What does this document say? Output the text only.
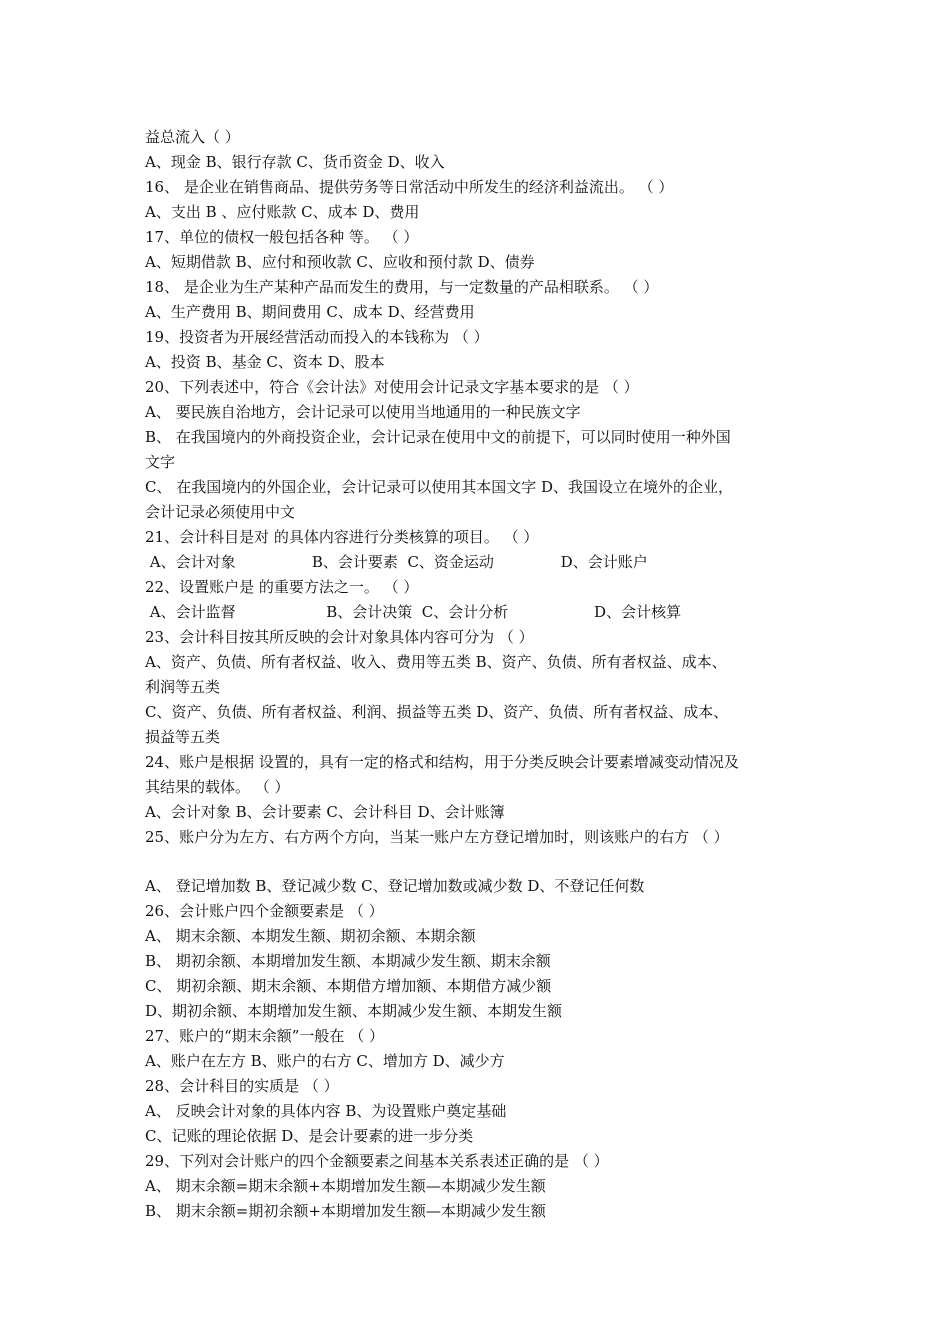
益总流入（ ）
A、现金 B、银行存款 C、货币资金 D、收入
16、 是企业在销售商品、提供劳务等日常活动中所发生的经济利益流出。 （ ）
A、支出 B 、应付账款 C、成本 D、费用
17、单位的债权一般包括各种 等。 （ ）
A、短期借款 B、应付和预收款 C、应收和预付款 D、债券
18、 是企业为生产某种产品而发生的费用，与一定数量的产品相联系。 （ ）
A、生产费用 B、期间费用 C、成本 D、经营费用
19、投资者为开展经营活动而投入的本钱称为 （ ）
A、投资 B、基金 C、资本 D、股本
20、下列表述中，符合《会计法》对使用会计记录文字基本要求的是 （ ）
A、 要民族自治地方，会计记录可以使用当地通用的一种民族文字
B、 在我国境内的外商投资企业，会计记录在使用中文的前提下，可以同时使用一种外国
文字
C、 在我国境内的外国企业，会计记录可以使用其本国文字 D、我国设立在境外的企业，
会计记录必须使用中文
21、会计科目是对 的具体内容进行分类核算的项目。 （ ）
A、会计对象                B、会计要素  C、资金运动              D、会计账户
22、设置账户是 的重要方法之一。 （ ）
A、会计监督                   B、会计决策  C、会计分析                  D、会计核算
23、会计科目按其所反映的会计对象具体内容可分为 （ ）
A、资产、负债、所有者权益、收入、费用等五类 B、资产、负债、所有者权益、成本、
利润等五类
C、资产、负债、所有者权益、利润、损益等五类 D、资产、负债、所有者权益、成本、
损益等五类
24、账户是根据 设置的，具有一定的格式和结构，用于分类反映会计要素增减变动情况及
其结果的载体。 （ ）
A、会计对象 B、会计要素 C、会计科目 D、会计账簿
25、账户分为左方、右方两个方向，当某一账户左方登记增加时，则该账户的右方 （ ）
A、 登记增加数 B、登记减少数 C、登记增加数或减少数 D、不登记任何数
26、会计账户四个金额要素是 （ ）
A、 期末余额、本期发生额、期初余额、本期余额
B、 期初余额、本期增加发生额、本期减少发生额、期末余额
C、 期初余额、期末余额、本期借方增加额、本期借方减少额
D、期初余额、本期增加发生额、本期减少发生额、本期发生额
27、账户的“期末余额”一般在 （ ）
A、账户在左方 B、账户的右方 C、增加方 D、减少方
28、会计科目的实质是 （ ）
A、 反映会计对象的具体内容 B、为设置账户奠定基础
C、记账的理论依据 D、是会计要素的进一步分类
29、下列对会计账户的四个金额要素之间基本关系表述正确的是 （ ）
A、 期末余额=期末余额+本期增加发生额—本期减少发生额
B、 期末余额=期初余额+本期增加发生额—本期减少发生额
